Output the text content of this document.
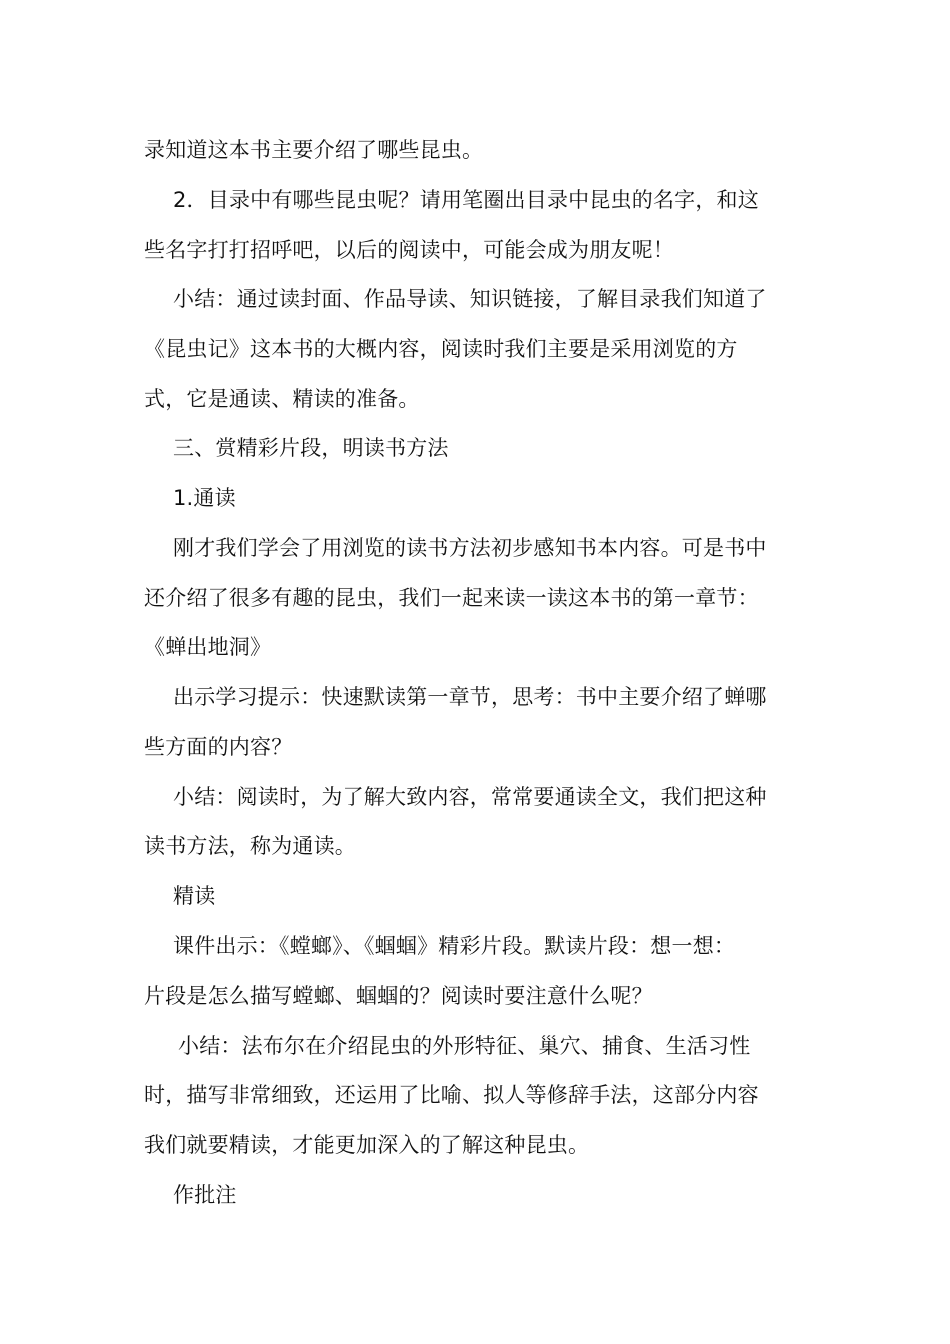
录知道这本书主要介绍了哪些昆虫。
2．目录中有哪些昆虫呢？请用笔圈出目录中昆虫的名字，和这
些名字打打招呼吧，以后的阅读中，可能会成为朋友呢！
小结：通过读封面、作品导读、知识链接，了解目录我们知道了
《昆虫记》这本书的大概内容，阅读时我们主要是采用浏览的方
式，它是通读、精读的准备。
三、赏精彩片段，明读书方法
1.通读
刚才我们学会了用浏览的读书方法初步感知书本内容。可是书中
还介绍了很多有趣的昆虫，我们一起来读一读这本书的第一章节：
《蝉出地洞》
出示学习提示：快速默读第一章节，思考：书中主要介绍了蝉哪
些方面的内容？
小结：阅读时，为了解大致内容，常常要通读全文，我们把这种
读书方法，称为通读。
精读
课件出示：《螳螂》、《蝈蝈》精彩片段。默读片段：想一想：
片段是怎么描写螳螂、蝈蝈的？阅读时要注意什么呢？
小结：法布尔在介绍昆虫的外形特征、巢穴、捕食、生活习性
时，描写非常细致，还运用了比喻、拟人等修辞手法，这部分内容
我们就要精读，才能更加深入的了解这种昆虫。
作批注
